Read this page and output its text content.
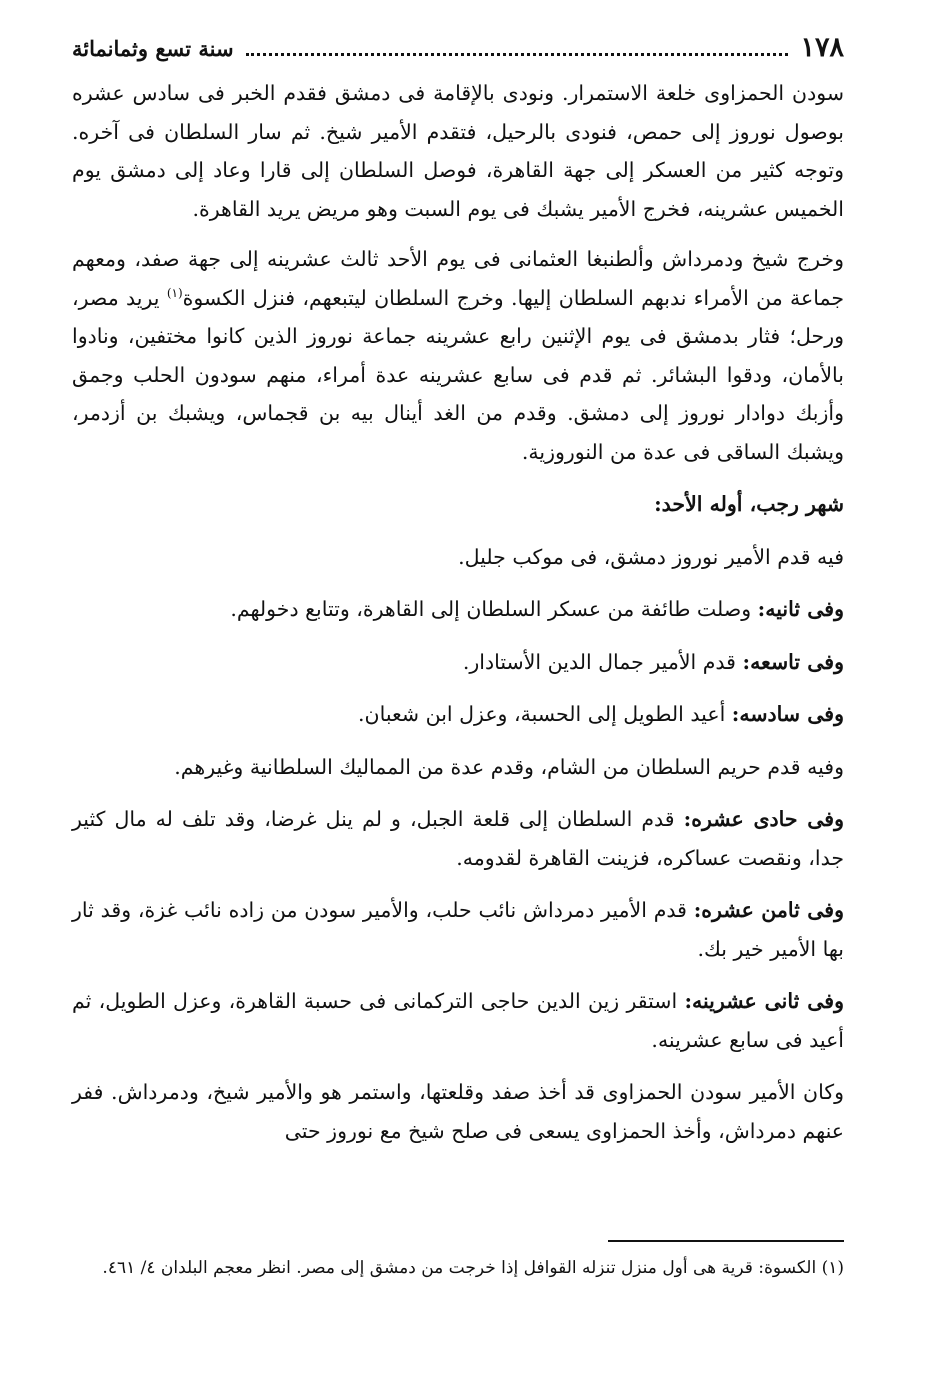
١٧٨
سنة تسع وثمانمائة

سودن الحمزاوى خلعة الاستمرار. ونودى بالإقامة فى دمشق فقدم الخبر فى سادس عشره بوصول نوروز إلى حمص، فنودى بالرحيل، فتقدم الأمير شيخ. ثم سار السلطان فى آخره. وتوجه كثير من العسكر إلى جهة القاهرة، فوصل السلطان إلى قارا وعاد إلى دمشق يوم الخميس عشرينه، فخرج الأمير يشبك فى يوم السبت وهو مريض يريد القاهرة.

وخرج شيخ ودمرداش وألطنبغا العثمانى فى يوم الأحد ثالث عشرينه إلى جهة صفد، ومعهم جماعة من الأمراء ندبهم السلطان إليها. وخرج السلطان ليتبعهم، فنزل الكسوة$^{(١)}$ يريد مصر، ورحل؛ فثار بدمشق فى يوم الإثنين رابع عشرينه جماعة نوروز الذين كانوا مختفين، ونادوا بالأمان، ودقوا البشائر. ثم قدم فى سابع عشرينه عدة أمراء، منهم سودون الحلب وجمق وأزبك دوادار نوروز إلى دمشق. وقدم من الغد أينال بيه بن قجماس، ويشبك بن أزدمر، ويشبك الساقى فى عدة من النوروزية.

شهر رجب، أوله الأحد:

فيه قدم الأمير نوروز دمشق، فى موكب جليل.

وفى ثانيه: وصلت طائفة من عسكر السلطان إلى القاهرة، وتتابع دخولهم.

وفى تاسعه: قدم الأمير جمال الدين الأستادار.

وفى سادسه: أعيد الطويل إلى الحسبة، وعزل ابن شعبان.

وفيه قدم حريم السلطان من الشام، وقدم عدة من المماليك السلطانية وغيرهم.

وفى حادى عشره: قدم السلطان إلى قلعة الجبل، و لم ينل غرضا، وقد تلف له مال كثير جدا، ونقصت عساكره، فزينت القاهرة لقدومه.

وفى ثامن عشره: قدم الأمير دمرداش نائب حلب، والأمير سودن من زاده نائب غزة، وقد ثار بها الأمير خير بك.

وفى ثانى عشرينه: استقر زين الدين حاجى التركمانى فى حسبة القاهرة، وعزل الطويل، ثم أعيد فى سابع عشرينه.

وكان الأمير سودن الحمزاوى قد أخذ صفد وقلعتها، واستمر هو والأمير شيخ، ودمرداش. ففر عنهم دمرداش، وأخذ الحمزاوى يسعى فى صلح شيخ مع نوروز حتى

(١) الكسوة: قرية هى أول منزل تنزله القوافل إذا خرجت من دمشق إلى مصر. انظر معجم البلدان ٤/ ٤٦١.
